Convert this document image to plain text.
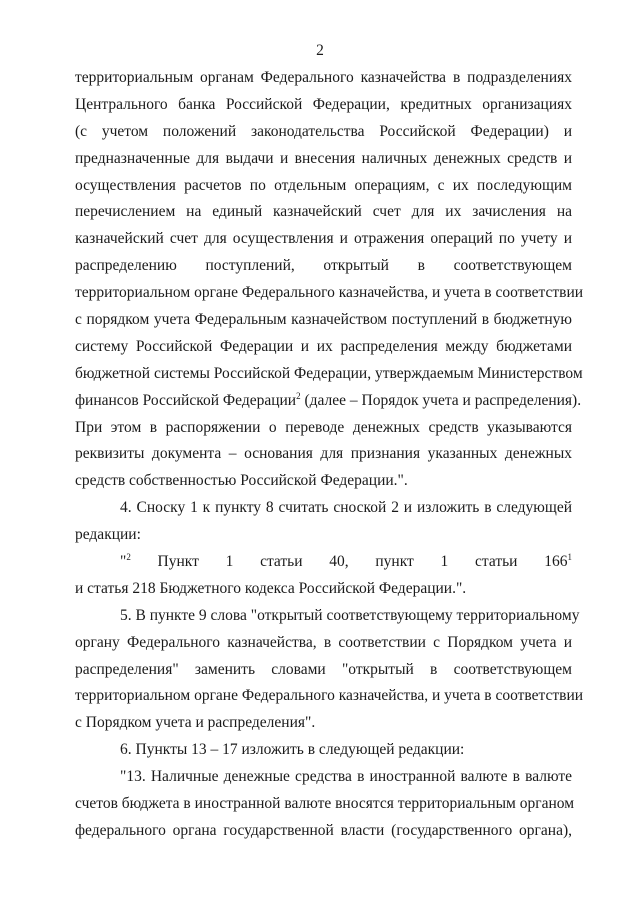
2
территориальным органам Федерального казначейства в подразделениях
Центрального банка Российской Федерации, кредитных организациях
(с учетом положений законодательства Российской Федерации) и
предназначенные для выдачи и внесения наличных денежных средств и
осуществления расчетов по отдельным операциям, с их последующим
перечислением на единый казначейский счет для их зачисления на
казначейский счет для осуществления и отражения операций по учету и
распределению поступлений, открытый в соответствующем
территориальном органе Федерального казначейства, и учета в соответствии
с порядком учета Федеральным казначейством поступлений в бюджетную
систему Российской Федерации и их распределения между бюджетами
бюджетной системы Российской Федерации, утверждаемым Министерством
финансов Российской Федерации$^2$ (далее – Порядок учета и распределения).
При этом в распоряжении о переводе денежных средств указываются
реквизиты документа – основания для признания указанных денежных
средств собственностью Российской Федерации.".
4. Сноску 1 к пункту 8 считать сноской 2 и изложить в следующей
редакции:
"$^2$ Пункт 1 статьи 40, пункт 1 статьи $166^1$
и статья 218 Бюджетного кодекса Российской Федерации.".
5. В пункте 9 слова "открытый соответствующему территориальному
органу Федерального казначейства, в соответствии с Порядком учета и
распределения" заменить словами "открытый в соответствующем
территориальном органе Федерального казначейства, и учета в соответствии
с Порядком учета и распределения".
6. Пункты 13 – 17 изложить в следующей редакции:
"13. Наличные денежные средства в иностранной валюте в валюте
счетов бюджета в иностранной валюте вносятся территориальным органом
федерального органа государственной власти (государственного органа),
